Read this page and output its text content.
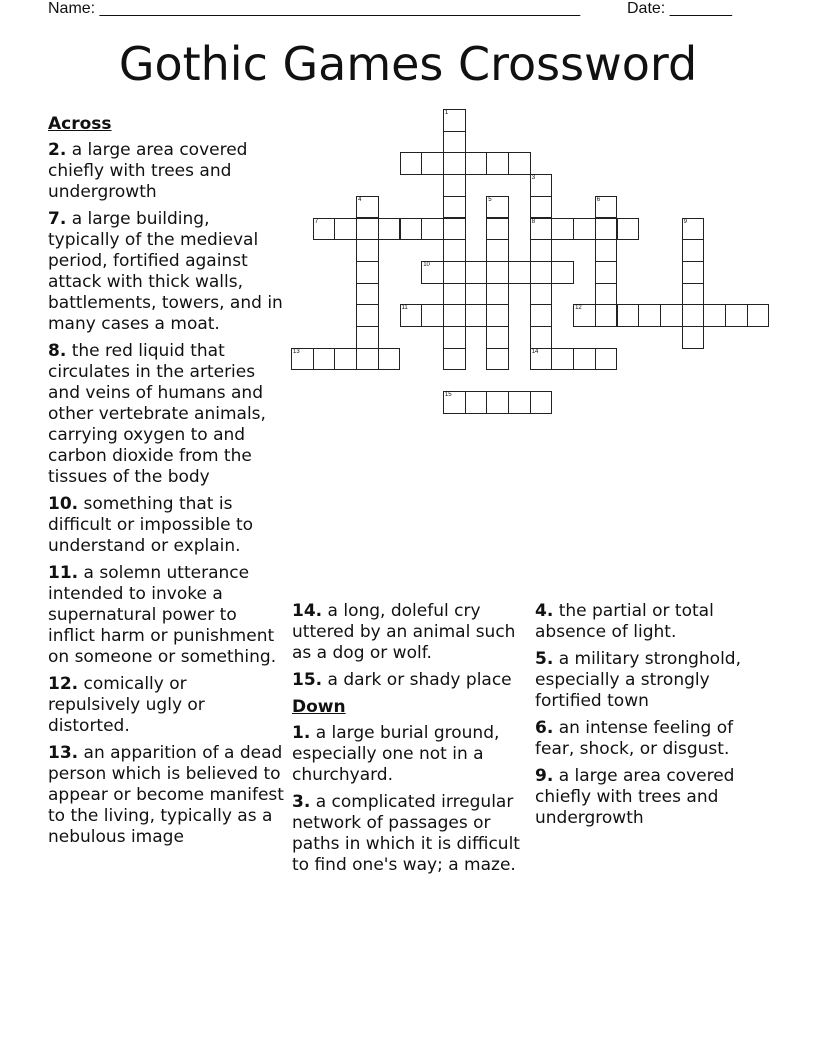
Name: ______________________________________________________	Date: _______
Gothic Games Crossword
7	8
10
11	12
13	14
15
1
3
4	5	6
9
Across
2. a large area covered chiefly with trees and undergrowth
7. a large building, typically of the medieval period, fortified against attack with thick walls, battlements, towers, and in many cases a moat.
8. the red liquid that circulates in the arteries and veins of humans and other vertebrate animals, carrying oxygen to and carbon dioxide from the tissues of the body
10. something that is difficult or impossible to understand or explain.
11. a solemn utterance intended to invoke a supernatural power to inflict harm or punishment on someone or something.
12. comically or repulsively ugly or distorted.
13. an apparition of a dead person which is believed to appear or become manifest to the living, typically as a nebulous image
14. a long, doleful cry uttered by an animal such as a dog or wolf.
15. a dark or shady place
Down
1. a large burial ground, especially one not in a churchyard.
3. a complicated irregular network of passages or paths in which it is difficult to find one's way; a maze.
4. the partial or total absence of light.
5. a military stronghold, especially a strongly fortified town
6. an intense feeling of fear, shock, or disgust.
9. a large area covered chiefly with trees and undergrowth
